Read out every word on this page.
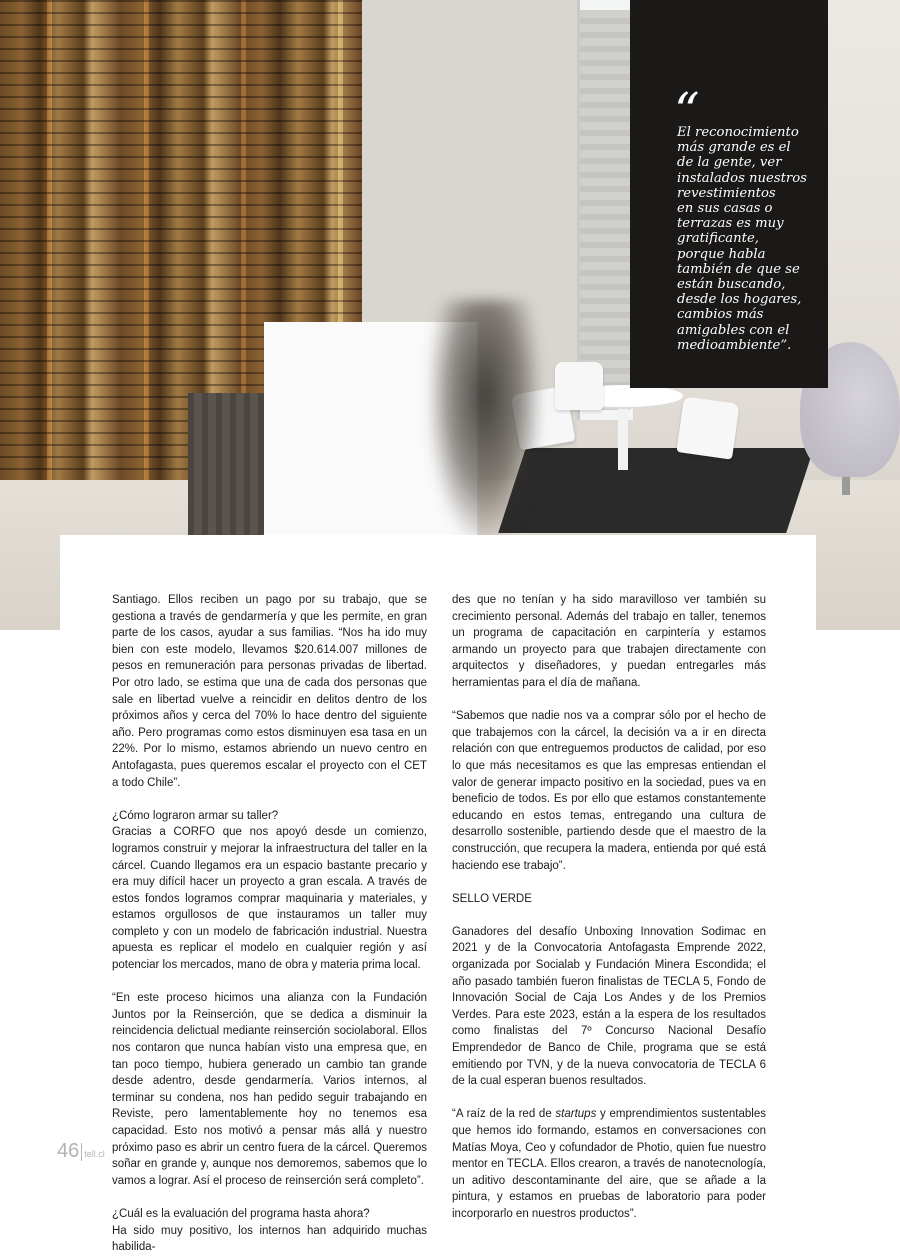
“
El reconocimiento
más grande es el
de la gente, ver
instalados nuestros
revestimientos
en sus casas o
terrazas es muy
gratificante,
porque habla
también de que se
están buscando,
desde los hogares,
cambios más
amigables con el
medioambiente”.

Santiago. Ellos reciben un pago por su trabajo, que se gestiona a través de gendarmería y que les permite, en gran parte de los casos, ayudar a sus familias. “Nos ha ido muy bien con este modelo, llevamos $20.614.007 millones de pesos en remuneración para personas privadas de libertad. Por otro lado, se estima que una de cada dos personas que sale en libertad vuelve a reincidir en delitos dentro de los próximos años y cerca del 70% lo hace dentro del siguiente año. Pero programas como estos disminuyen esa tasa en un 22%. Por lo mismo, estamos abriendo un nuevo centro en Antofagasta, pues queremos escalar el proyecto con el CET a todo Chile”.

¿Cómo lograron armar su taller?

Gracias a CORFO que nos apoyó desde un comienzo, logramos construir y mejorar la infraestructura del taller en la cárcel. Cuando llegamos era un espacio bastante precario y era muy difícil hacer un proyecto a gran escala. A través de estos fondos logramos comprar maquinaria y materiales, y estamos orgullosos de que instauramos un taller muy completo y con un modelo de fabricación industrial. Nuestra apuesta es replicar el modelo en cualquier región y así potenciar los mercados, mano de obra y materia prima local.

“En este proceso hicimos una alianza con la Fundación Juntos por la Reinserción, que se dedica a disminuir la reincidencia delictual mediante reinserción sociolaboral. Ellos nos contaron que nunca habían visto una empresa que, en tan poco tiempo, hubiera generado un cambio tan grande desde adentro, desde gendarmería. Varios internos, al terminar su condena, nos han pedido seguir trabajando en Reviste, pero lamentablemente hoy no tenemos esa capacidad. Esto nos motivó a pensar más allá y nuestro próximo paso es abrir un centro fuera de la cárcel. Queremos soñar en grande y, aunque nos demoremos, sabemos que lo vamos a lograr. Así el proceso de reinserción será completo”.

¿Cuál es la evaluación del programa hasta ahora?

Ha sido muy positivo, los internos han adquirido muchas habilida-

des que no tenían y ha sido maravilloso ver también su crecimiento personal. Además del trabajo en taller, tenemos un programa de capacitación en carpintería y estamos armando un proyecto para que trabajen directamente con arquitectos y diseñadores, y puedan entregarles más herramientas para el día de mañana.

“Sabemos que nadie nos va a comprar sólo por el hecho de que trabajemos con la cárcel, la decisión va a ir en directa relación con que entreguemos productos de calidad, por eso lo que más necesitamos es que las empresas entiendan el valor de generar impacto positivo en la sociedad, pues va en beneficio de todos. Es por ello que estamos constantemente educando en estos temas, entregando una cultura de desarrollo sostenible, partiendo desde que el maestro de la construcción, que recupera la madera, entienda por qué está haciendo ese trabajo”.

SELLO VERDE

Ganadores del desafío Unboxing Innovation Sodimac en 2021 y de la Convocatoria Antofagasta Emprende 2022, organizada por Socialab y Fundación Minera Escondida; el año pasado también fueron finalistas de TECLA 5, Fondo de Innovación Social de Caja Los Andes y de los Premios Verdes. Para este 2023, están a la espera de los resultados como finalistas del 7º Concurso Nacional Desafío Emprendedor de Banco de Chile, programa que se está emitiendo por TVN, y de la nueva convocatoria de TECLA 6 de la cual esperan buenos resultados.

“A raíz de la red de startups y emprendimientos sustentables que hemos ido formando, estamos en conversaciones con Matías Moya, Ceo y cofundador de Photio, quien fue nuestro mentor en TECLA. Ellos crearon, a través de nanotecnología, un aditivo descontaminante del aire, que se añade a la pintura, y estamos en pruebas de laboratorio para poder incorporarlo en nuestros productos”.

46 tell.cl
